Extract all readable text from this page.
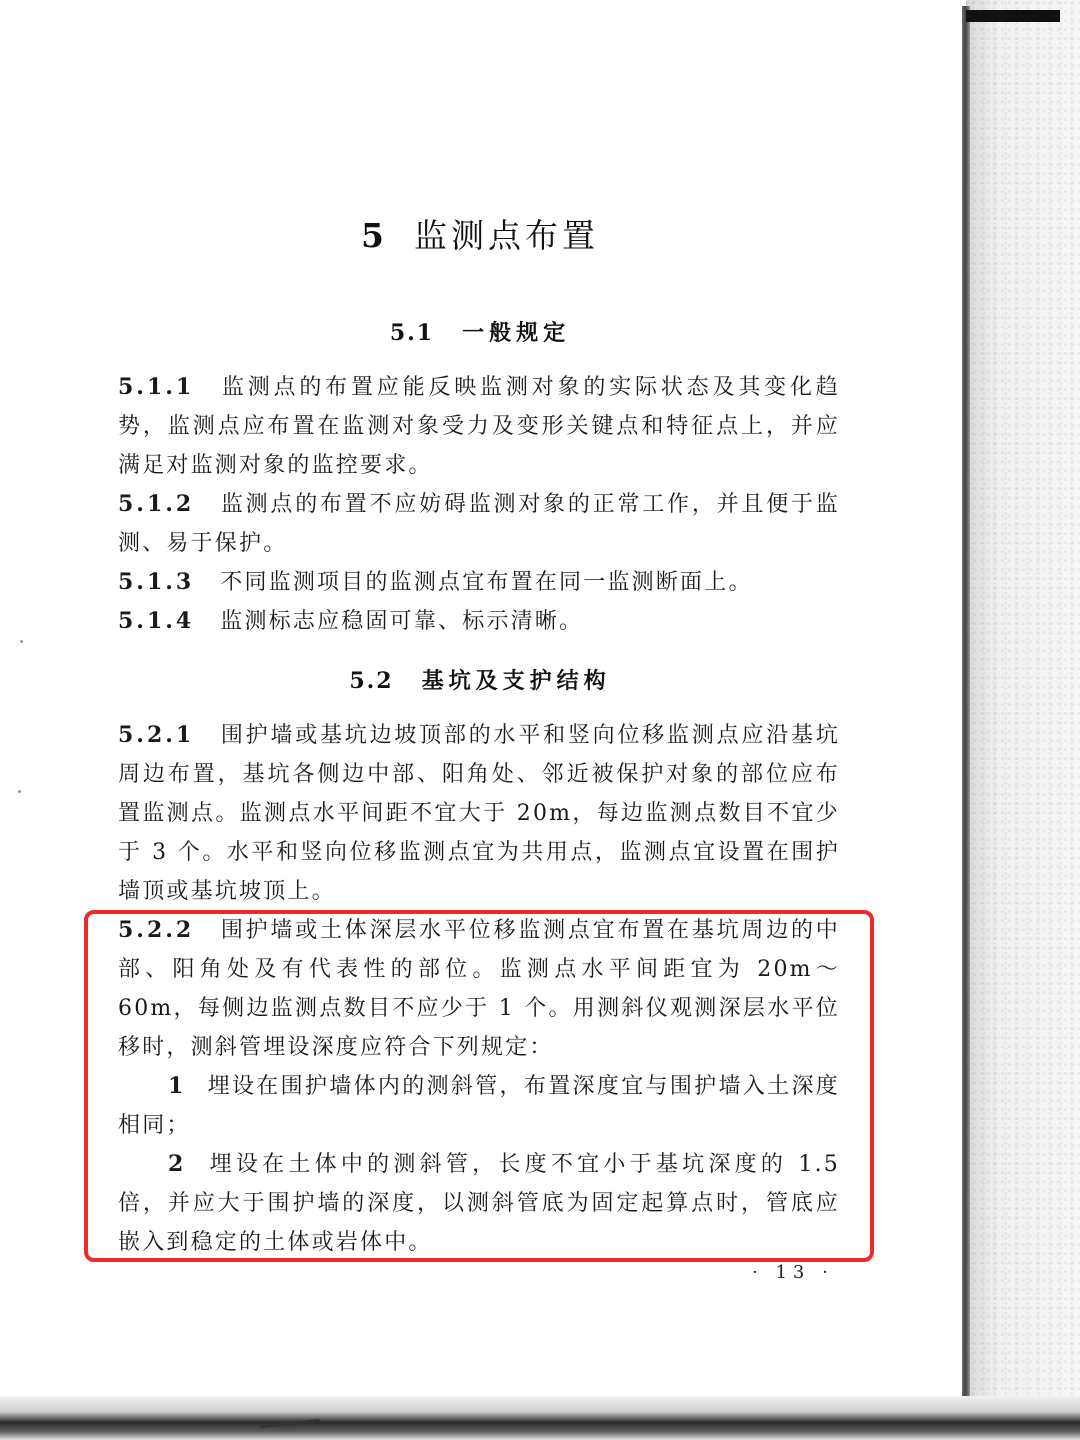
5 监测点布置
5.1 一般规定
5.1.1 监测点的布置应能反映监测对象的实际状态及其变化趋势，监测点应布置在监测对象受力及变形关键点和特征点上，并应满足对监测对象的监控要求。
5.1.2 监测点的布置不应妨碍监测对象的正常工作，并且便于监测、易于保护。
5.1.3 不同监测项目的监测点宜布置在同一监测断面上。
5.1.4 监测标志应稳固可靠、标示清晰。
5.2 基坑及支护结构
5.2.1 围护墙或基坑边坡顶部的水平和竖向位移监测点应沿基坑周边布置，基坑各侧边中部、阳角处、邻近被保护对象的部位应布置监测点。监测点水平间距不宜大于 20m，每边监测点数目不宜少于 3 个。水平和竖向位移监测点宜为共用点，监测点宜设置在围护墙顶或基坑坡顶上。
5.2.2 围护墙或土体深层水平位移监测点宜布置在基坑周边的中部、阳角处及有代表性的部位。监测点水平间距宜为 20m～60m，每侧边监测点数目不应少于 1 个。用测斜仪观测深层水平位移时，测斜管埋设深度应符合下列规定：
1 埋设在围护墙体内的测斜管，布置深度宜与围护墙入土深度相同；
2 埋设在土体中的测斜管，长度不宜小于基坑深度的 1.5 倍，并应大于围护墙的深度，以测斜管底为固定起算点时，管底应嵌入到稳定的土体或岩体中。
· 13 ·
